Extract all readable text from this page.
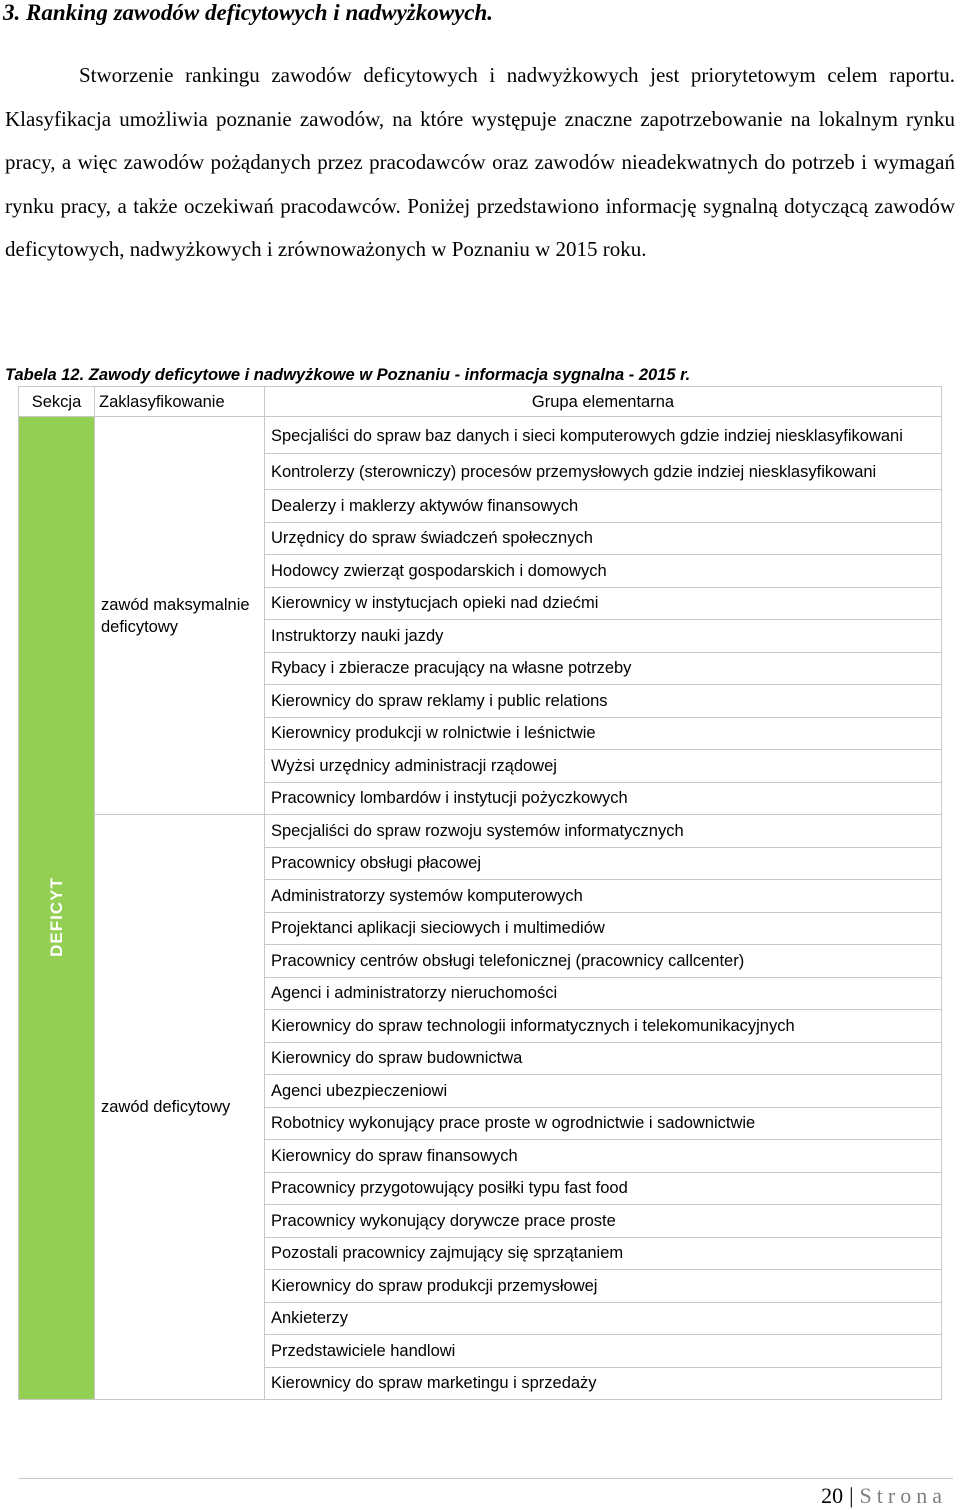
3. Ranking zawodów deficytowych i nadwyżkowych.

Stworzenie rankingu zawodów deficytowych i nadwyżkowych jest priorytetowym celem raportu. Klasyfikacja umożliwia poznanie zawodów, na które występuje znaczne zapotrzebowanie na lokalnym rynku pracy, a więc zawodów pożądanych przez pracodawców oraz zawodów nieadekwatnych do potrzeb i wymagań rynku pracy, a także oczekiwań pracodawców. Poniżej przedstawiono informację sygnalną dotyczącą zawodów deficytowych, nadwyżkowych i zrównoważonych w Poznaniu w 2015 roku.

Tabela 12. Zawody deficytowe i nadwyżkowe w Poznaniu - informacja sygnalna - 2015 r.

Sekcja	Zaklasyfikowanie	Grupa elementarna

DEFICYT	zawód maksymalnie deficytowy	Specjaliści do spraw baz danych i sieci komputerowych gdzie indziej niesklasyfikowani
		Kontrolerzy (sterowniczy) procesów przemysłowych gdzie indziej niesklasyfikowani
		Dealerzy i maklerzy aktywów finansowych
		Urzędnicy do spraw świadczeń społecznych
		Hodowcy zwierząt gospodarskich i domowych
		Kierownicy w instytucjach opieki nad dziećmi
		Instruktorzy nauki jazdy
		Rybacy i zbieracze pracujący na własne potrzeby
		Kierownicy do spraw reklamy i public relations
		Kierownicy produkcji w rolnictwie i leśnictwie
		Wyżsi urzędnicy administracji rządowej
		Pracownicy lombardów i instytucji pożyczkowych
	zawód deficytowy	Specjaliści do spraw rozwoju systemów informatycznych
		Pracownicy obsługi płacowej
		Administratorzy systemów komputerowych
		Projektanci aplikacji sieciowych i multimediów
		Pracownicy centrów obsługi telefonicznej (pracownicy callcenter)
		Agenci i administratorzy nieruchomości
		Kierownicy do spraw technologii informatycznych i telekomunikacyjnych
		Kierownicy do spraw budownictwa
		Agenci ubezpieczeniowi
		Robotnicy wykonujący prace proste w ogrodnictwie i sadownictwie
		Kierownicy do spraw finansowych
		Pracownicy przygotowujący posiłki typu fast food
		Pracownicy wykonujący dorywcze prace proste
		Pozostali pracownicy zajmujący się sprzątaniem
		Kierownicy do spraw produkcji przemysłowej
		Ankieterzy
		Przedstawiciele handlowi
		Kierownicy do spraw marketingu i sprzedaży
20 | Strona
